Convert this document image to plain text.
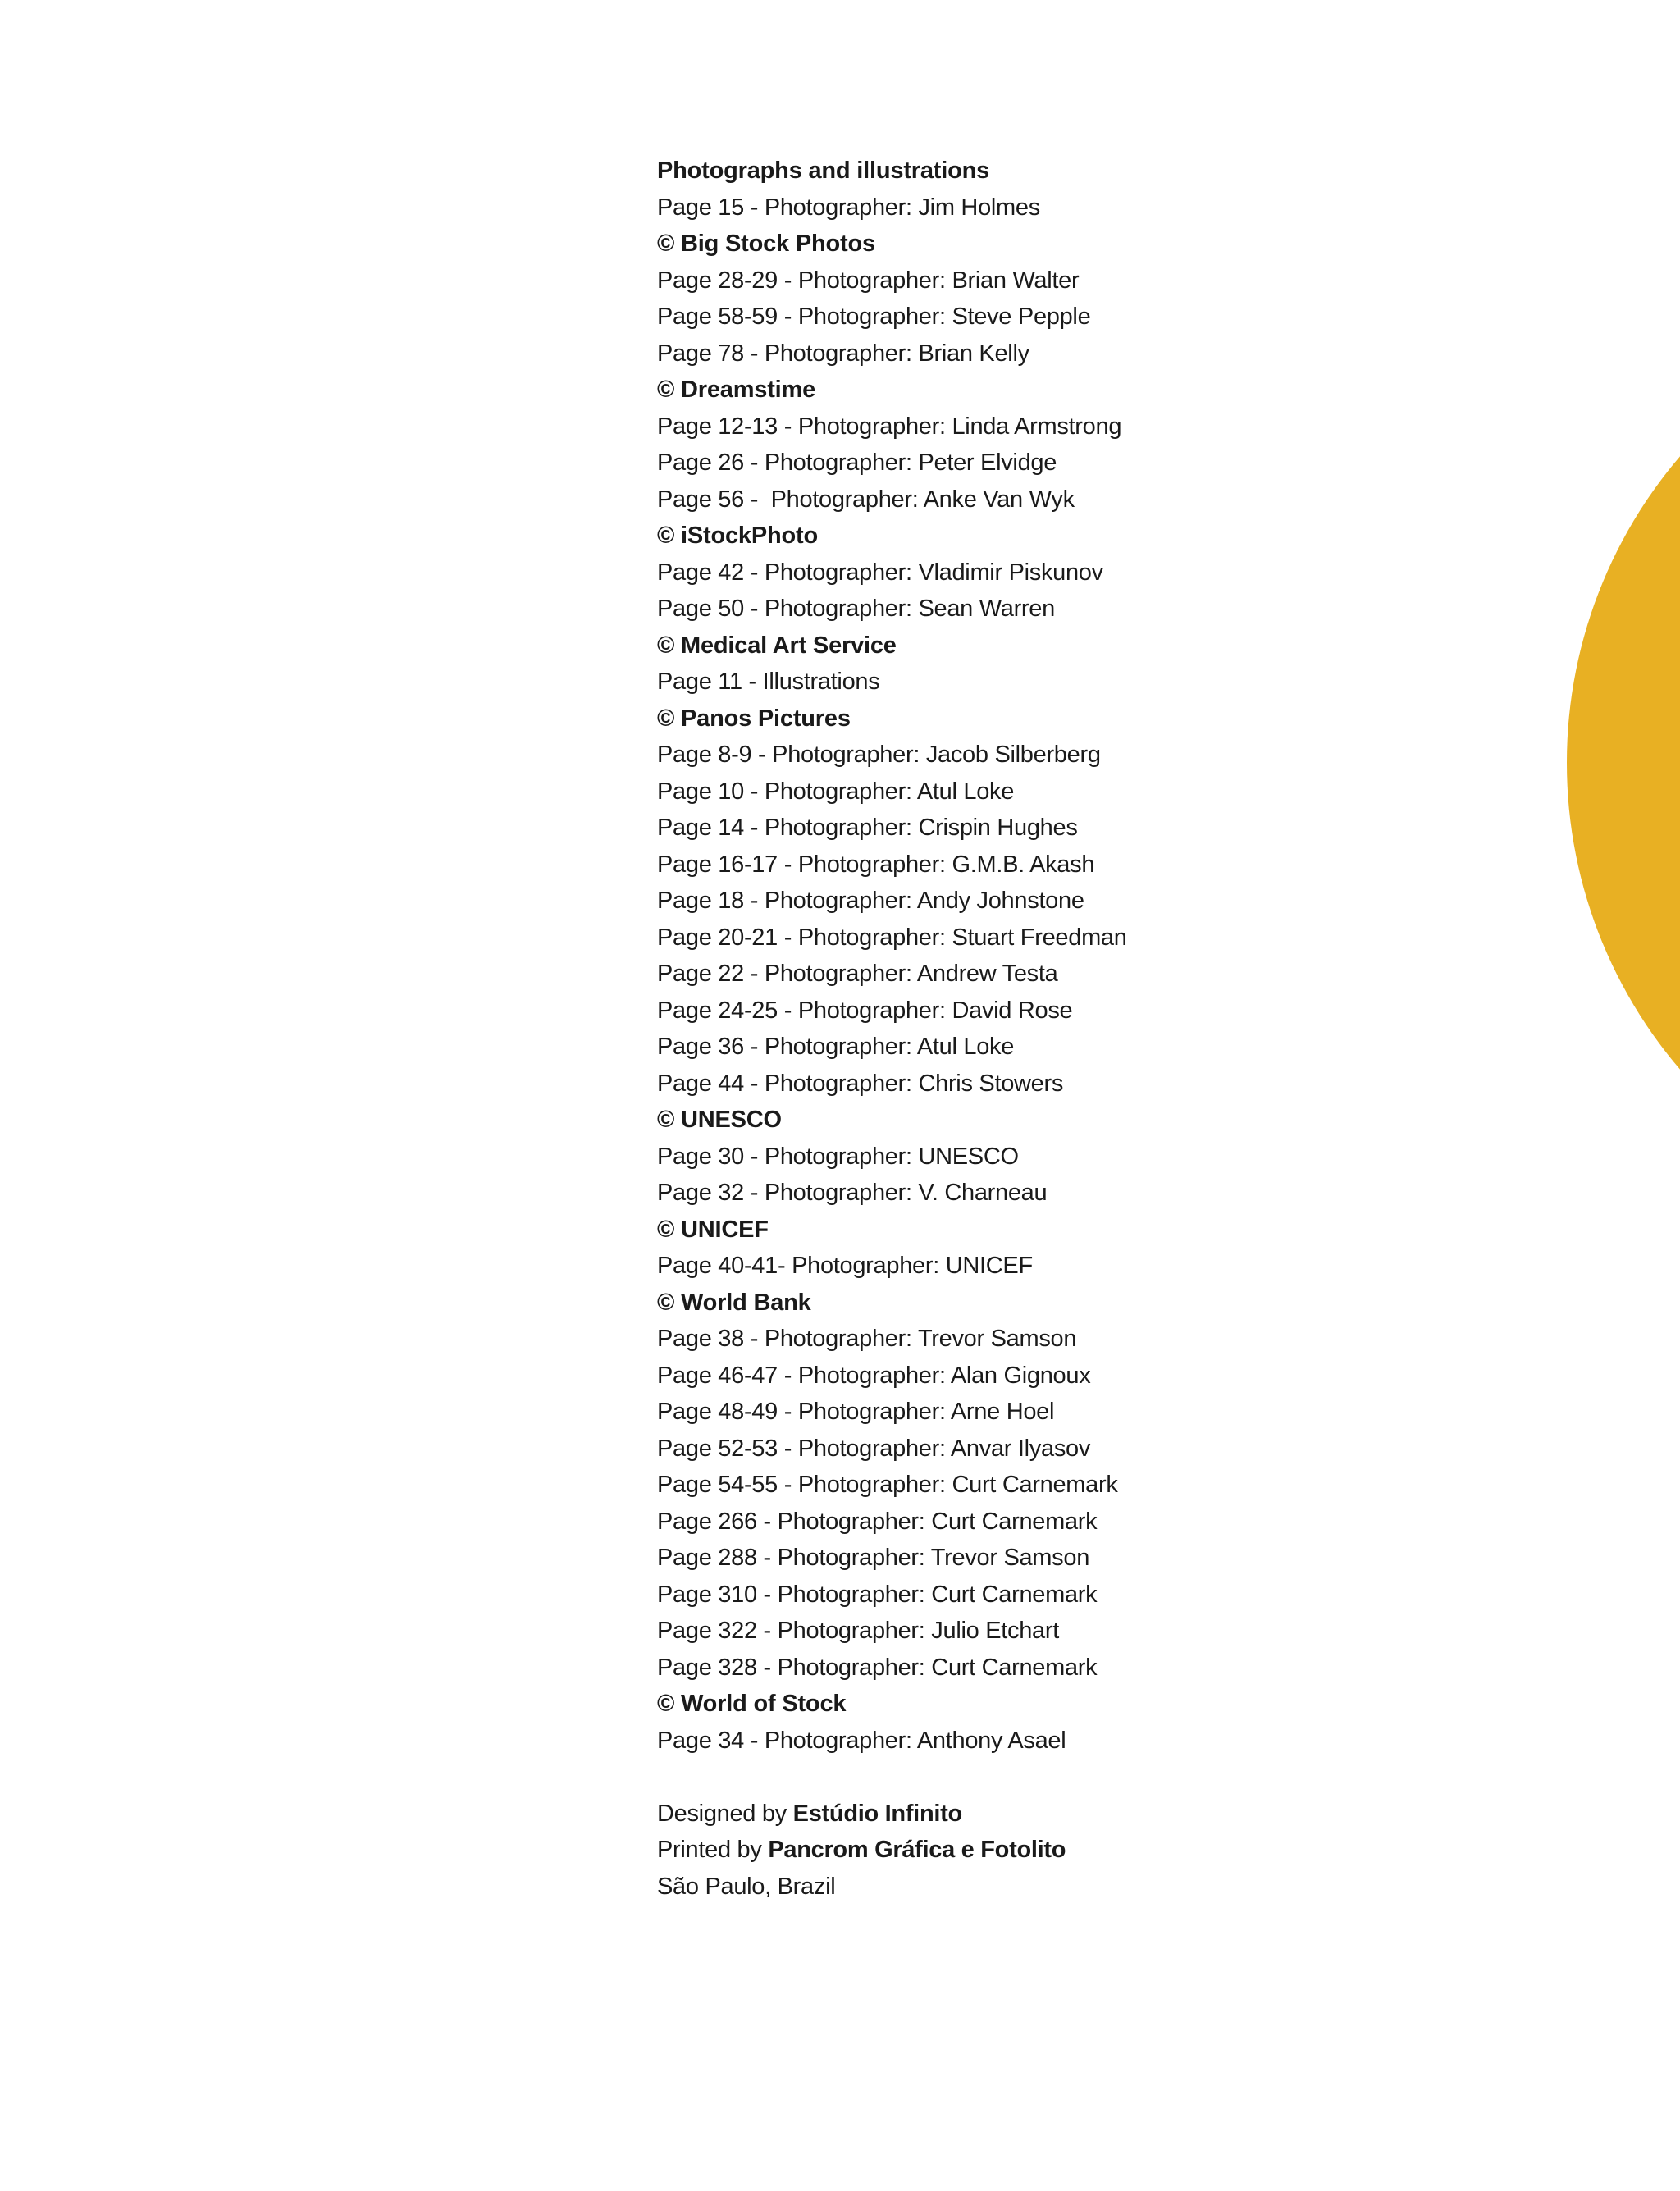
Photographs and illustrations
Page 15 - Photographer: Jim Holmes
© Big Stock Photos
Page 28-29 - Photographer: Brian Walter
Page 58-59 - Photographer: Steve Pepple
Page 78 - Photographer: Brian Kelly
© Dreamstime
Page 12-13 - Photographer: Linda Armstrong
Page 26 - Photographer: Peter Elvidge
Page 56 -  Photographer: Anke Van Wyk
© iStockPhoto
Page 42 - Photographer: Vladimir Piskunov
Page 50 - Photographer: Sean Warren
© Medical Art Service
Page 11 - Illustrations
© Panos Pictures
Page 8-9 - Photographer: Jacob Silberberg
Page 10 - Photographer: Atul Loke
Page 14 - Photographer: Crispin Hughes
Page 16-17 - Photographer: G.M.B. Akash
Page 18 - Photographer: Andy Johnstone
Page 20-21 - Photographer: Stuart Freedman
Page 22 - Photographer: Andrew Testa
Page 24-25 - Photographer: David Rose
Page 36 - Photographer: Atul Loke
Page 44 - Photographer: Chris Stowers
© UNESCO
Page 30 - Photographer: UNESCO
Page 32 - Photographer: V. Charneau
© UNICEF
Page 40-41- Photographer: UNICEF
© World Bank
Page 38 - Photographer: Trevor Samson
Page 46-47 - Photographer: Alan Gignoux
Page 48-49 - Photographer: Arne Hoel
Page 52-53 - Photographer: Anvar Ilyasov
Page 54-55 - Photographer: Curt Carnemark
Page 266 - Photographer: Curt Carnemark
Page 288 - Photographer: Trevor Samson
Page 310 - Photographer: Curt Carnemark
Page 322 - Photographer: Julio Etchart
Page 328 - Photographer: Curt Carnemark
© World of Stock
Page 34 - Photographer: Anthony Asael
Designed by Estúdio Infinito
Printed by Pancrom Gráfica e Fotolito
São Paulo, Brazil
